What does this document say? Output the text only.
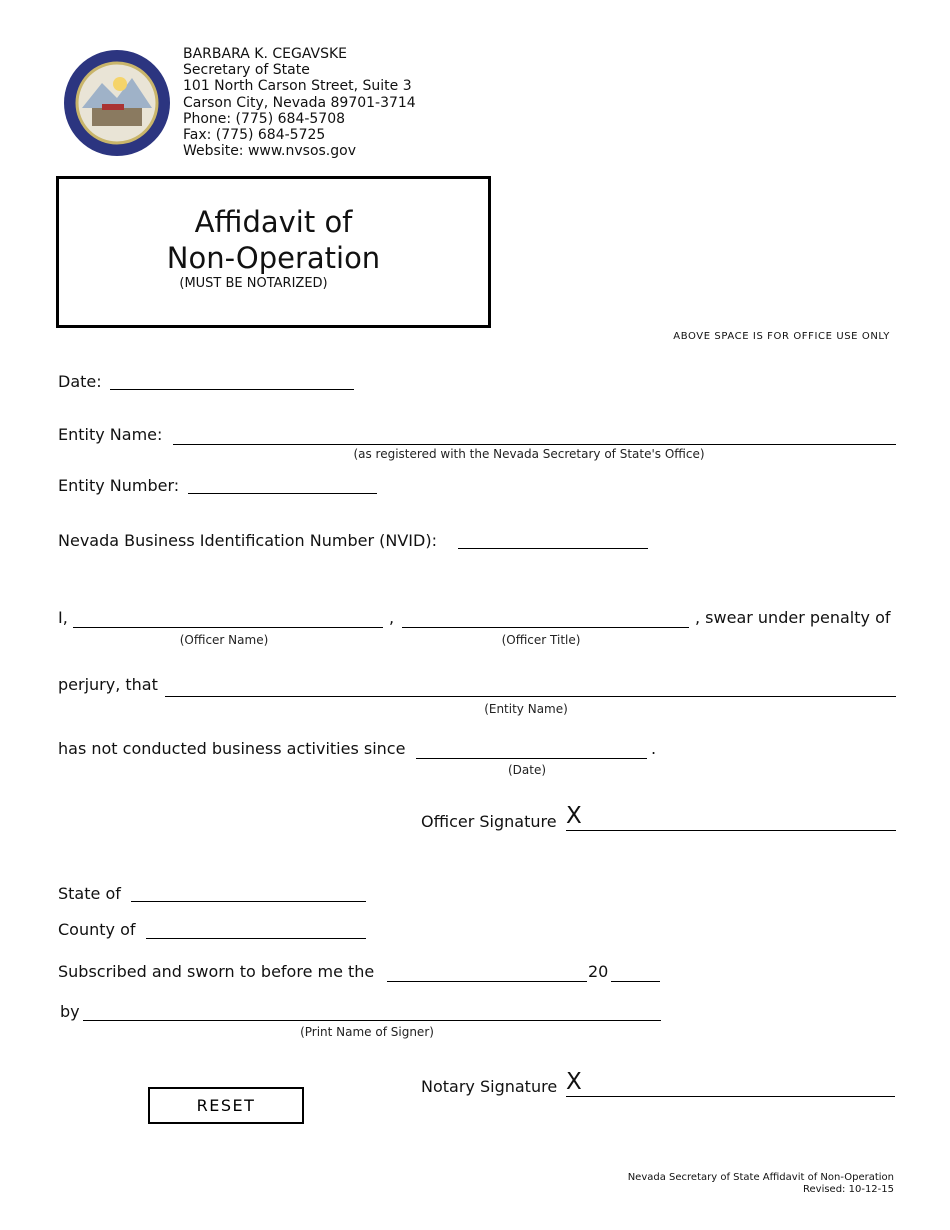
BARBARA K. CEGAVSKE
Secretary of State
101 North Carson Street, Suite 3
Carson City, Nevada 89701-3714
Phone: (775) 684-5708
Fax: (775) 684-5725
Website: www.nvsos.gov
Affidavit of
Non-Operation
(MUST BE NOTARIZED)
ABOVE SPACE IS FOR OFFICE USE ONLY
Date:
Entity Name:
(as registered with the Nevada Secretary of State's Office)
Entity Number:
Nevada Business Identification Number (NVID):
I,	,	, swear under penalty of
(Officer Name)	(Officer Title)
perjury, that
(Entity Name)
has not conducted business activities since	.
(Date)
Officer Signature X
State of
County of
Subscribed and sworn to before me the	20
by
(Print Name of Signer)
RESET
Notary Signature X
Nevada Secretary of State Affidavit of Non-Operation
Revised: 10-12-15
